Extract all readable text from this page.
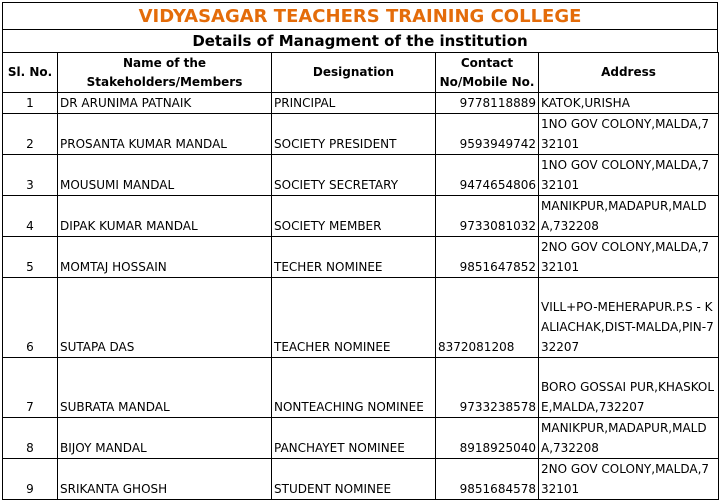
VIDYASAGAR TEACHERS TRAINING COLLEGE
Details of Managment of the institution
Sl. No.	Name of the Stakeholders/Members	Designation	Contact No/Mobile No.	Address
1	DR ARUNIMA PATNAIK	PRINCIPAL	9778118889	KATOK,URISHA
2	PROSANTA KUMAR MANDAL	SOCIETY PRESIDENT	9593949742	1NO GOV COLONY,MALDA,732101
3	MOUSUMI MANDAL	SOCIETY SECRETARY	9474654806	1NO GOV COLONY,MALDA,732101
4	DIPAK KUMAR MANDAL	SOCIETY MEMBER	9733081032	MANIKPUR,MADAPUR,MALDA,732208
5	MOMTAJ HOSSAIN	TECHER NOMINEE	9851647852	2NO GOV COLONY,MALDA,732101
6	SUTAPA DAS	TEACHER NOMINEE	8372081208	VILL+PO-MEHERAPUR.P.S - KALIACHAK,DIST-MALDA,PIN-732207
7	SUBRATA MANDAL	NONTEACHING NOMINEE	9733238578	BORO GOSSAI PUR,KHASKOLE,MALDA,732207
8	BIJOY MANDAL	PANCHAYET NOMINEE	8918925040	MANIKPUR,MADAPUR,MALDA,732208
9	SRIKANTA GHOSH	STUDENT NOMINEE	9851684578	2NO GOV COLONY,MALDA,732101
